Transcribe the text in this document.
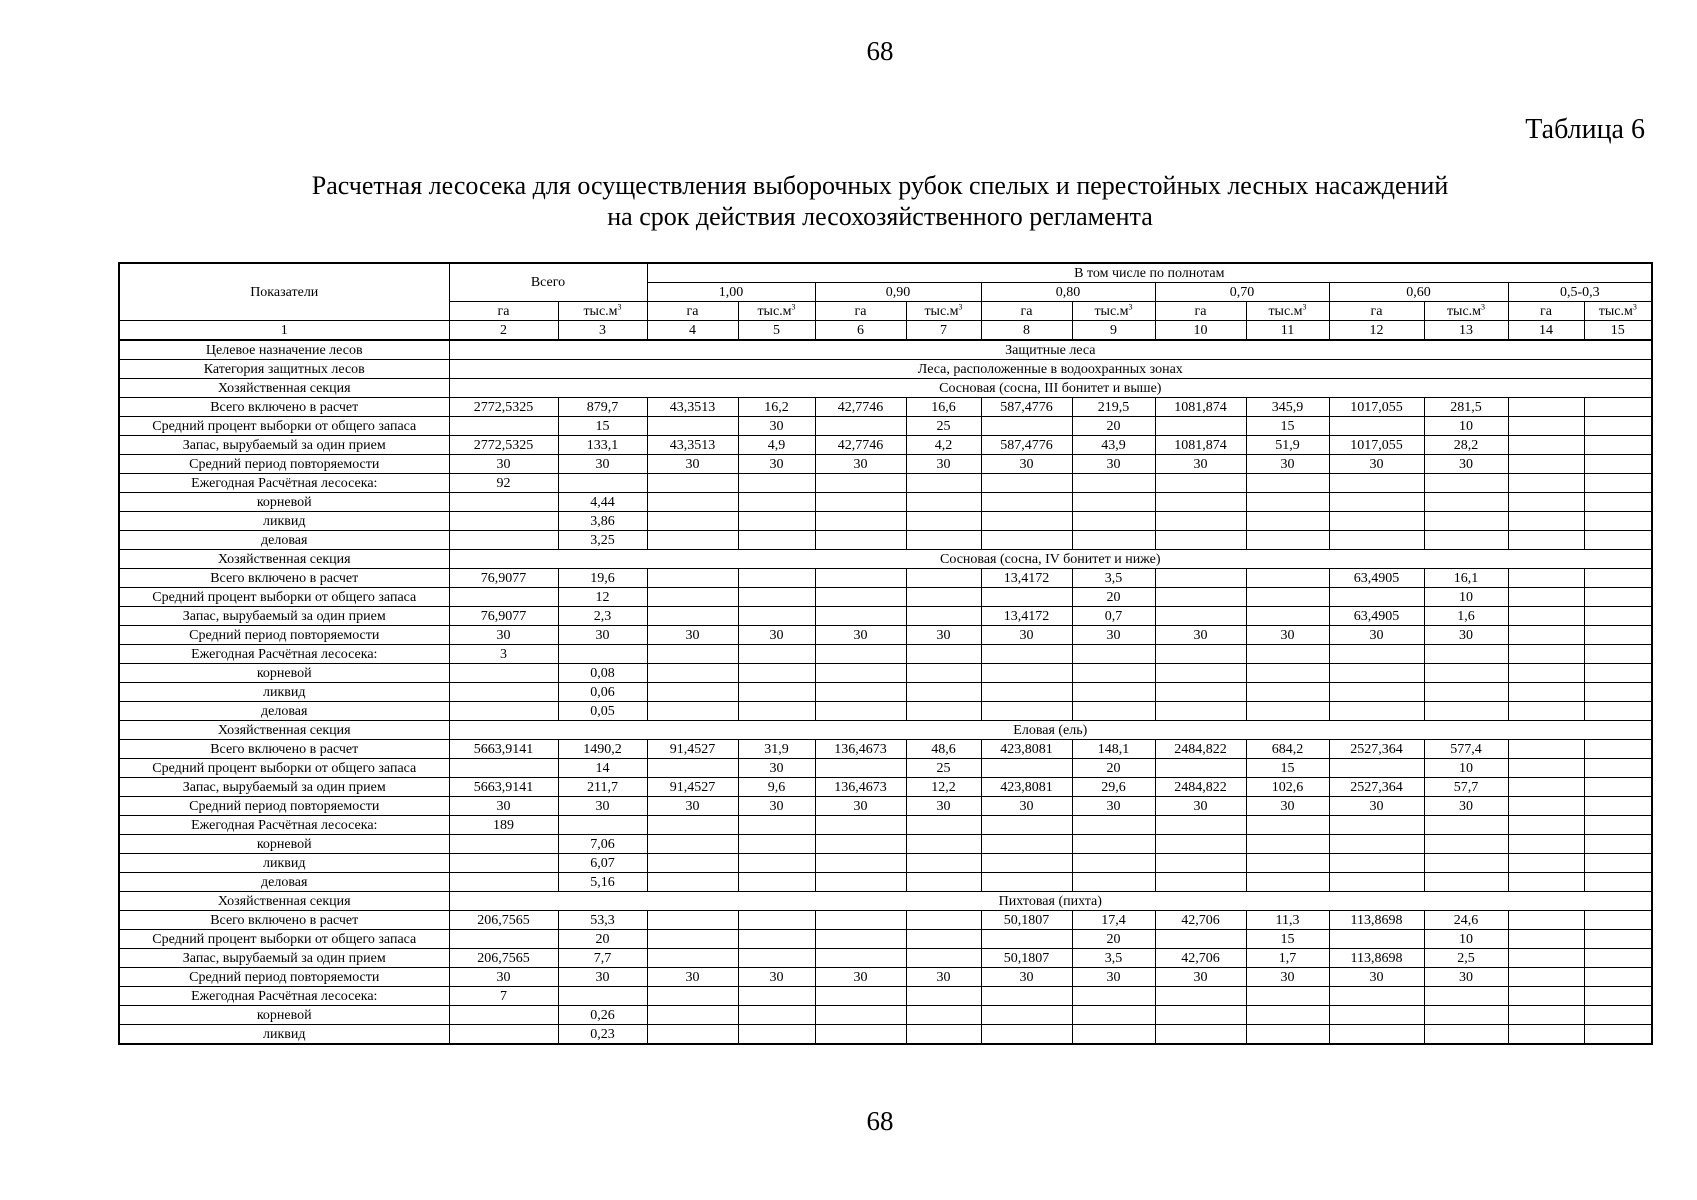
68
Таблица 6
Расчетная лесосека для осуществления выборочных рубок спелых и перестойных лесных насаждений
на срок действия лесохозяйственного регламента
Показатели	Всего		В том числе по полнотам											
			1,00		0,90		0,80		0,70		0,60		0,5-0,3	
	га	$тыс.м^3$	га	$тыс.м^3$	га	$тыс.м^3$	га	$тыс.м^3$	га	$тыс.м^3$	га	$тыс.м^3$	га	$тыс.м^3$
1	2	3	4	5	6	7	8	9	10	11	12	13	14	15
Целевое назначение лесов	Защитные леса													
Категория защитных лесов	Леса, расположенные в водоохранных зонах													
Хозяйственная секция	Сосновая (сосна, III бонитет и выше)													
Всего включено в расчет	2772,5325	879,7	43,3513	16,2	42,7746	16,6	587,4776	219,5	1081,874	345,9	1017,055	281,5		
Средний процент выборки от общего запаса		15		30		25		20		15		10		
Запас, вырубаемый за один прием	2772,5325	133,1	43,3513	4,9	42,7746	4,2	587,4776	43,9	1081,874	51,9	1017,055	28,2		
Средний период повторяемости	30	30	30	30	30	30	30	30	30	30	30	30		
Ежегодная Расчётная лесосека:	92													
корневой		4,44												
ликвид		3,86												
деловая		3,25												
Хозяйственная секция	Сосновая (сосна, IV бонитет и ниже)													
Всего включено в расчет	76,9077	19,6					13,4172	3,5			63,4905	16,1		
Средний процент выборки от общего запаса		12						20				10		
Запас, вырубаемый за один прием	76,9077	2,3					13,4172	0,7			63,4905	1,6		
Средний период повторяемости	30	30	30	30	30	30	30	30	30	30	30	30		
Ежегодная Расчётная лесосека:	3													
корневой		0,08												
ликвид		0,06												
деловая		0,05												
Хозяйственная секция	Еловая (ель)													
Всего включено в расчет	5663,9141	1490,2	91,4527	31,9	136,4673	48,6	423,8081	148,1	2484,822	684,2	2527,364	577,4		
Средний процент выборки от общего запаса		14		30		25		20		15		10		
Запас, вырубаемый за один прием	5663,9141	211,7	91,4527	9,6	136,4673	12,2	423,8081	29,6	2484,822	102,6	2527,364	57,7		
Средний период повторяемости	30	30	30	30	30	30	30	30	30	30	30	30		
Ежегодная Расчётная лесосека:	189													
корневой		7,06												
ликвид		6,07												
деловая		5,16												
Хозяйственная секция	Пихтовая (пихта)													
Всего включено в расчет	206,7565	53,3					50,1807	17,4	42,706	11,3	113,8698	24,6		
Средний процент выборки от общего запаса		20						20		15		10		
Запас, вырубаемый за один прием	206,7565	7,7					50,1807	3,5	42,706	1,7	113,8698	2,5		
Средний период повторяемости	30	30	30	30	30	30	30	30	30	30	30	30		
Ежегодная Расчётная лесосека:	7													
корневой		0,26												
ликвид		0,23												
68
